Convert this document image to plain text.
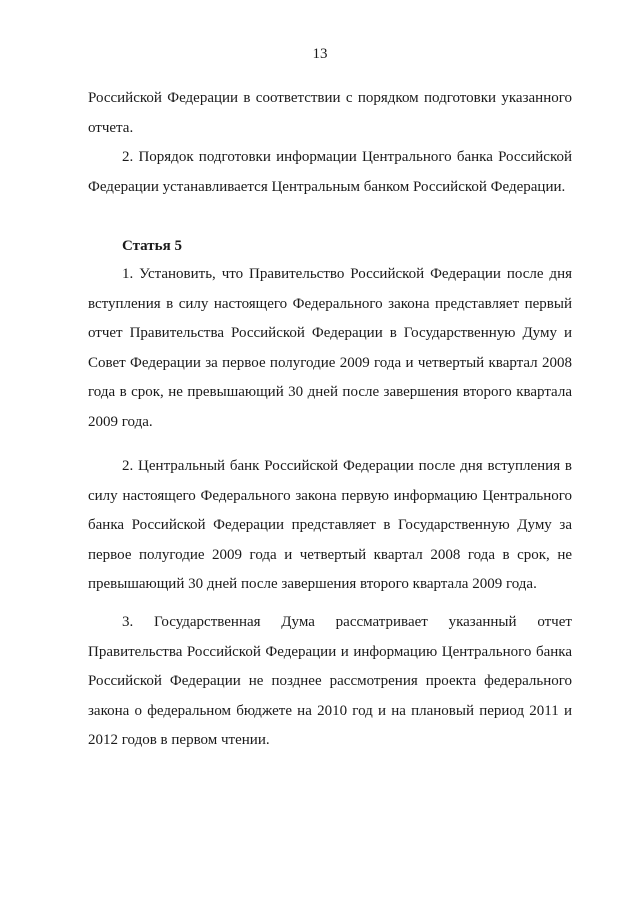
13

Российской Федерации в соответствии с порядком подготовки указанного отчета.

2. Порядок подготовки информации Центрального банка Российской Федерации устанавливается Центральным банком Российской Федерации.

Статья 5

1. Установить, что Правительство Российской Федерации после дня вступления в силу настоящего Федерального закона представляет первый отчет Правительства Российской Федерации в Государственную Думу и Совет Федерации за первое полугодие 2009 года и четвертый квартал 2008 года в срок, не превышающий 30 дней после завершения второго квартала 2009 года.

2. Центральный банк Российской Федерации после дня вступления в силу настоящего Федерального закона первую информацию Центрального банка Российской Федерации представляет в Государственную Думу за первое полугодие 2009 года и четвертый квартал 2008 года в срок, не превышающий 30 дней после завершения второго квартала 2009 года.

3. Государственная Дума рассматривает указанный отчет
Правительства Российской Федерации и информацию Центрального банка Российской Федерации не позднее рассмотрения проекта федерального закона о федеральном бюджете на 2010 год и на плановый период 2011 и 2012 годов в первом чтении.
